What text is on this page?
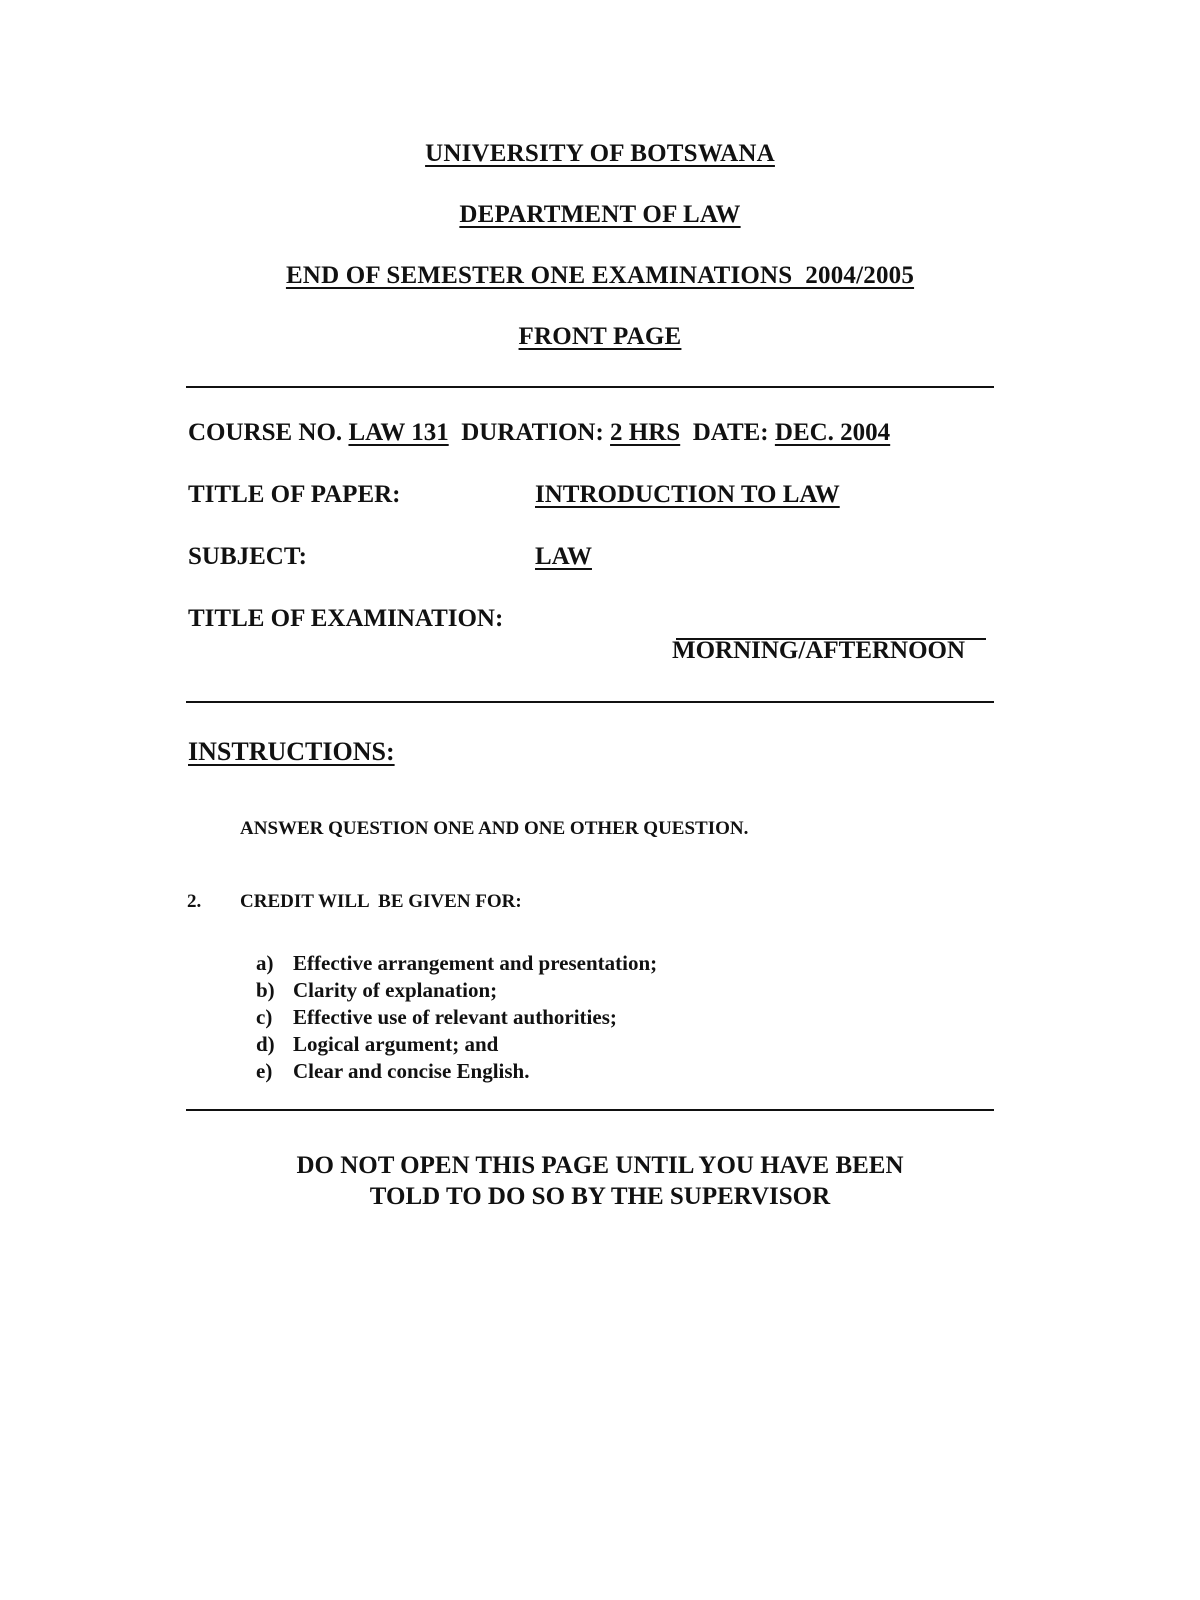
UNIVERSITY OF BOTSWANA
DEPARTMENT OF LAW
END OF SEMESTER ONE EXAMINATIONS  2004/2005
FRONT PAGE
COURSE NO. LAW 131 DURATION: 2 HRS DATE: DEC. 2004
TITLE OF PAPER:	INTRODUCTION TO LAW
SUBJECT:	LAW
TITLE OF EXAMINATION:
MORNING/AFTERNOON
INSTRUCTIONS:
ANSWER QUESTION ONE AND ONE OTHER QUESTION.
2. CREDIT WILL  BE GIVEN FOR:
a) Effective arrangement and presentation;
b) Clarity of explanation;
c) Effective use of relevant authorities;
d) Logical argument; and
e) Clear and concise English.
DO NOT OPEN THIS PAGE UNTIL YOU HAVE BEEN
TOLD TO DO SO BY THE SUPERVISOR
